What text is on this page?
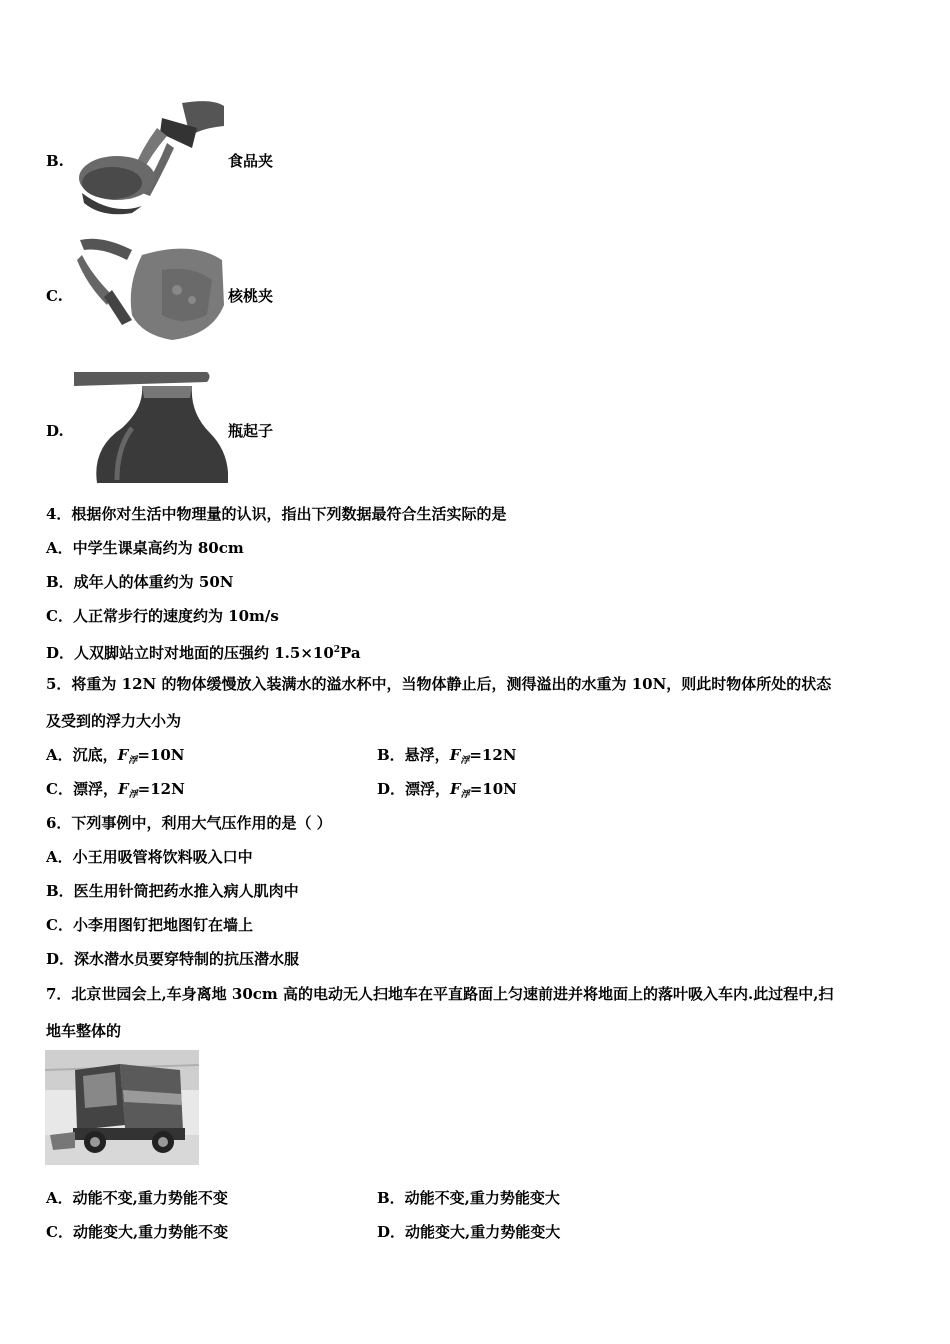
B.	食品夹
C.	核桃夹
D.	瓶起子
4．根据你对生活中物理量的认识，指出下列数据最符合生活实际的是
A．中学生课桌高约为 80cm
B．成年人的体重约为 50N
C．人正常步行的速度约为 10m/s
D．人双脚站立时对地面的压强约 $1.5\times 10^2Pa$
5．将重为 12N 的物体缓慢放入装满水的溢水杯中，当物体静止后，测得溢出的水重为 10N，则此时物体所处的状态
及受到的浮力大小为
A．沉底，$F_浮=10N$	B．悬浮，$F_浮=12N$
C．漂浮，$F_浮=12N$	D．漂浮，$F_浮=10N$
6．下列事例中，利用大气压作用的是（ ）
A．小王用吸管将饮料吸入口中
B．医生用针筒把药水推入病人肌肉中
C．小李用图钉把地图钉在墙上
D．深水潜水员要穿特制的抗压潜水服
7．北京世园会上,车身离地 30cm 高的电动无人扫地车在平直路面上匀速前进并将地面上的落叶吸入车内.此过程中,扫
地车整体的
A．动能不变,重力势能不变	B．动能不变,重力势能变大
C．动能变大,重力势能不变	D．动能变大,重力势能变大
